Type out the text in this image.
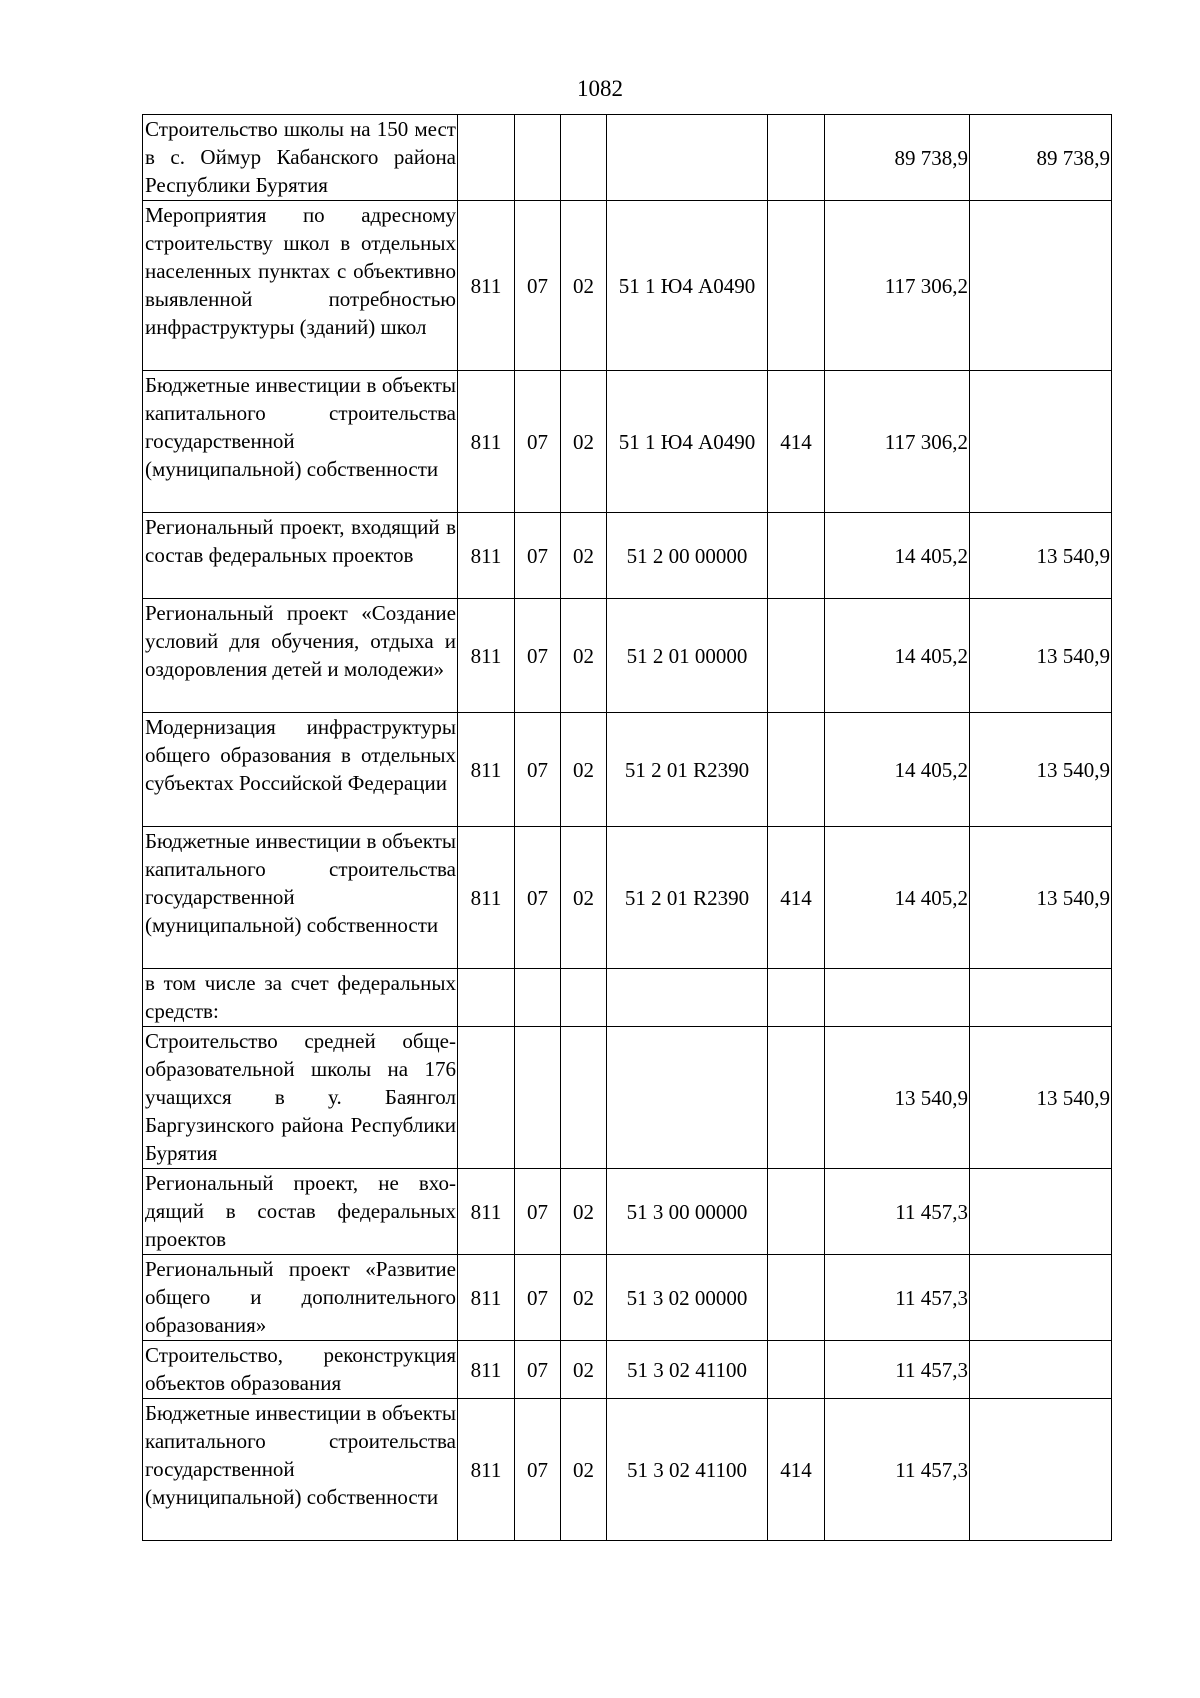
1082
Строительство школы на 150 мест в с. Оймур Кабанского района Республики Бурятия						89 738,9	89 738,9
Мероприятия по адресному строительству школ в отдельных населенных пунктах с объективно выявленной потребностью инфраструктуры (зданий) школ	811	07	02	51 1 Ю4 А0490		117 306,2	
Бюджетные инвестиции в объекты капитального строительства государственной (муниципальной) собственности	811	07	02	51 1 Ю4 А0490	414	117 306,2	
Региональный проект, входящий в состав федеральных проектов	811	07	02	51 2 00 00000		14 405,2	13 540,9
Региональный проект «Создание условий для обучения, отдыха и оздоровления детей и молодежи»	811	07	02	51 2 01 00000		14 405,2	13 540,9
Модернизация инфраструктуры общего образования в отдельных субъектах Российской Федерации	811	07	02	51 2 01 R2390		14 405,2	13 540,9
Бюджетные инвестиции в объекты капитального строительства государственной (муниципальной) собственности	811	07	02	51 2 01 R2390	414	14 405,2	13 540,9
в том числе за счет федеральных средств:							
Строительство средней общеобразовательной школы на 176 учащихся в у. Баянгол Баргузинского района Республики Бурятия						13 540,9	13 540,9
Региональный проект, не входящий в состав федеральных проектов	811	07	02	51 3 00 00000		11 457,3	
Региональный проект «Развитие общего и дополнительного образования»	811	07	02	51 3 02 00000		11 457,3	
Строительство, реконструкция объектов образования	811	07	02	51 3 02 41100		11 457,3	
Бюджетные инвестиции в объекты капитального строительства государственной (муниципальной) собственности	811	07	02	51 3 02 41100	414	11 457,3	
